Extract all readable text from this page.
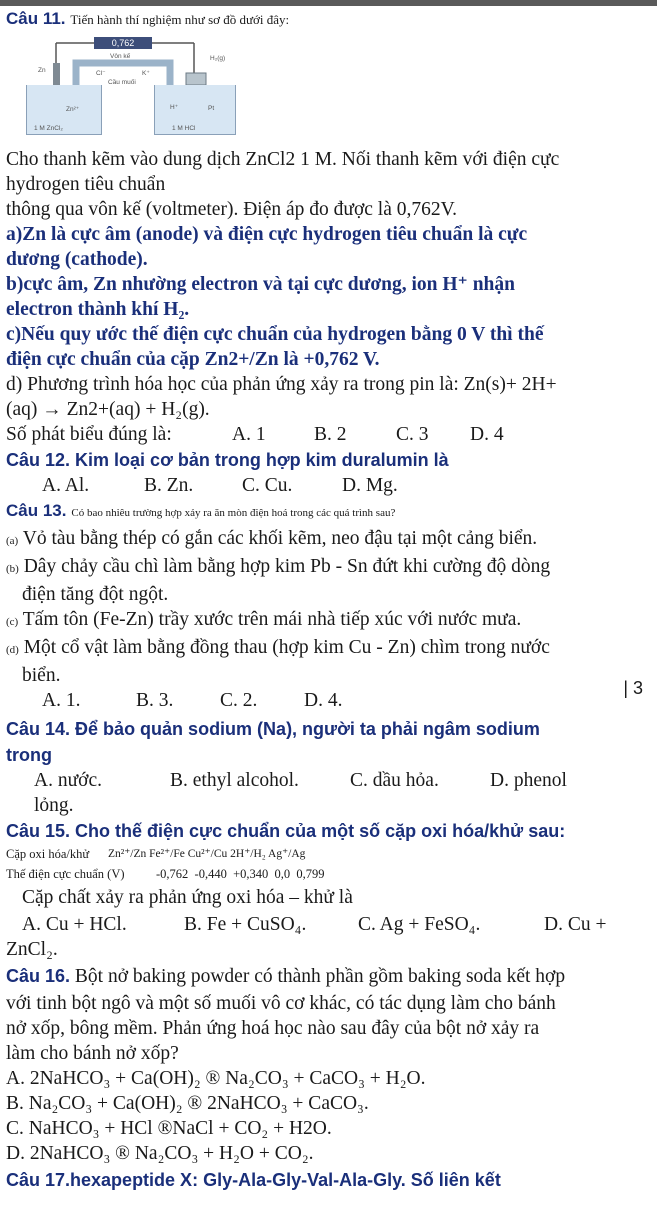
Câu 11. Tiến hành thí nghiệm như sơ đồ dưới đây:
0,762
Vôn kế	H₂(g)
Zn	Cl⁻	K⁺
Cầu muối
Zn²⁺	H⁺	Pt
1 M ZnCl₂	1 M HCl
Cho thanh kẽm vào dung dịch ZnCl2 1 M. Nối thanh kẽm với điện cực
hydrogen tiêu chuẩn
thông qua vôn kế (voltmeter). Điện áp đo được là 0,762V.
a)Zn là cực âm (anode) và điện cực hydrogen tiêu chuẩn là cực
dương (cathode).
b)cực âm, Zn nhường electron và tại cực dương, ion H⁺ nhận
electron thành khí H₂.
c)Nếu quy ước thế điện cực chuẩn của hydrogen bằng 0 V thì thế
điện cực chuẩn của cặp Zn2+/Zn là +0,762 V.
d) Phương trình hóa học của phản ứng xảy ra trong pin là: Zn(s)+ 2H+
(aq) → Zn2+(aq) + H₂(g).
Số phát biểu đúng là:	A. 1	B. 2	C. 3	D. 4
Câu 12. Kim loại cơ bản trong hợp kim duralumin là
A. Al.	B. Zn.	C. Cu.	D. Mg.
Câu 13. Có bao nhiêu trường hợp xảy ra ăn mòn điện hoá trong các quá trình sau?
(a) Vỏ tàu bằng thép có gắn các khối kẽm, neo đậu tại một cảng biển.
(b) Dây chảy cầu chì làm bằng hợp kim Pb - Sn đứt khi cường độ dòng
điện tăng đột ngột.
(c) Tấm tôn (Fe-Zn) trầy xước trên mái nhà tiếp xúc với nước mưa.
(d) Một cổ vật làm bằng đồng thau (hợp kim Cu - Zn) chìm trong nước
biển.
A. 1.	B. 3.	C. 2.	D. 4.
| 3
Câu 14. Để bảo quản sodium (Na), người ta phải ngâm sodium
trong
A. nước.	B. ethyl alcohol.	C. dầu hỏa.	D. phenol
lỏng.
Câu 15. Cho thế điện cực chuẩn của một số cặp oxi hóa/khử sau:
Cặp oxi hóa/khử	Zn²⁺/Zn Fe²⁺/Fe Cu²⁺/Cu 2H⁺/H₂ Ag⁺/Ag
Thế điện cực chuẩn (V)	-0,762  -0,440  +0,340  0,0  0,799
Cặp chất xảy ra phản ứng oxi hóa – khử là
A. Cu + HCl.	B. Fe + CuSO₄.	C. Ag + FeSO₄.	D. Cu +
ZnCl₂.
Câu 16. Bột nở baking powder có thành phần gồm baking soda kết hợp
với tinh bột ngô và một số muối vô cơ khác, có tác dụng làm cho bánh
nở xốp, bông mềm. Phản ứng hoá học nào sau đây của bột nở xảy ra
làm cho bánh nở xốp?
A. 2NaHCO₃ + Ca(OH)₂ ® Na₂CO₃ + CaCO₃ + H₂O.
B. Na₂CO₃ + Ca(OH)₂ ® 2NaHCO₃ + CaCO₃.
C. NaHCO₃ + HCl ®NaCl + CO₂ + H2O.
D. 2NaHCO₃ ® Na₂CO₃ + H₂O + CO₂.
Câu 17.hexapeptide X: Gly-Ala-Gly-Val-Ala-Gly. Số liên kết
